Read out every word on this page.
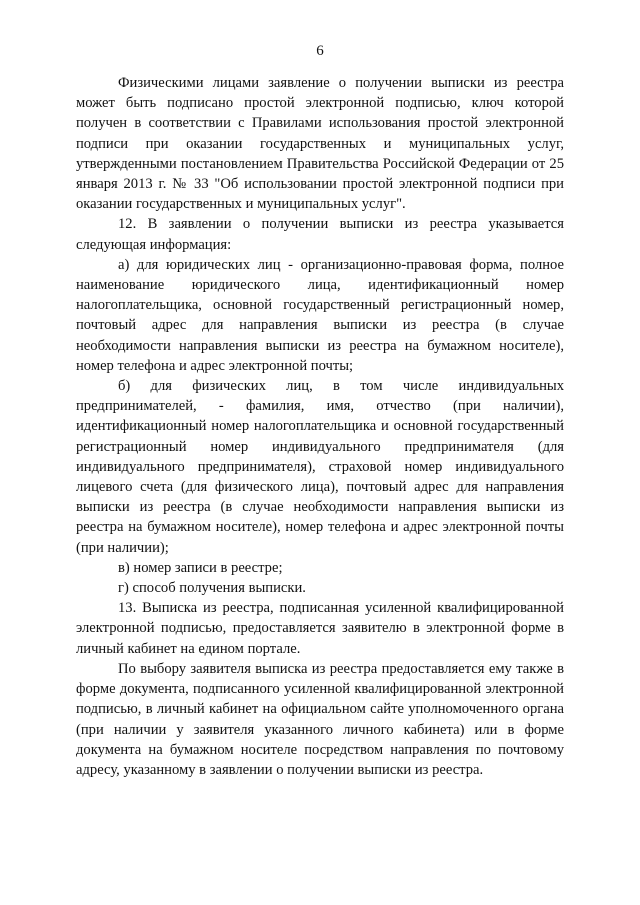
6

Физическими лицами заявление о получении выписки из реестра может быть подписано простой электронной подписью, ключ которой получен в соответствии с Правилами использования простой электронной подписи при оказании государственных и муниципальных услуг, утвержденными постановлением Правительства Российской Федерации от 25 января 2013 г. № 33 "Об использовании простой электронной подписи при оказании государственных и муниципальных услуг".

12. В заявлении о получении выписки из реестра указывается следующая информация:

а) для юридических лиц - организационно-правовая форма, полное наименование юридического лица, идентификационный номер налогоплательщика, основной государственный регистрационный номер, почтовый адрес для направления выписки из реестра (в случае необходимости направления выписки из реестра на бумажном носителе), номер телефона и адрес электронной почты;

б) для физических лиц, в том числе индивидуальных предпринимателей, - фамилия, имя, отчество (при наличии), идентификационный номер налогоплательщика и основной государственный регистрационный номер индивидуального предпринимателя (для индивидуального предпринимателя), страховой номер индивидуального лицевого счета (для физического лица), почтовый адрес для направления выписки из реестра (в случае необходимости направления выписки из реестра на бумажном носителе), номер телефона и адрес электронной почты (при наличии);

в) номер записи в реестре;

г) способ получения выписки.

13. Выписка из реестра, подписанная усиленной квалифицированной электронной подписью, предоставляется заявителю в электронной форме в личный кабинет на едином портале.

По выбору заявителя выписка из реестра предоставляется ему также в форме документа, подписанного усиленной квалифицированной электронной подписью, в личный кабинет на официальном сайте уполномоченного органа (при наличии у заявителя указанного личного кабинета) или в форме документа на бумажном носителе посредством направления по почтовому адресу, указанному в заявлении о получении выписки из реестра.
